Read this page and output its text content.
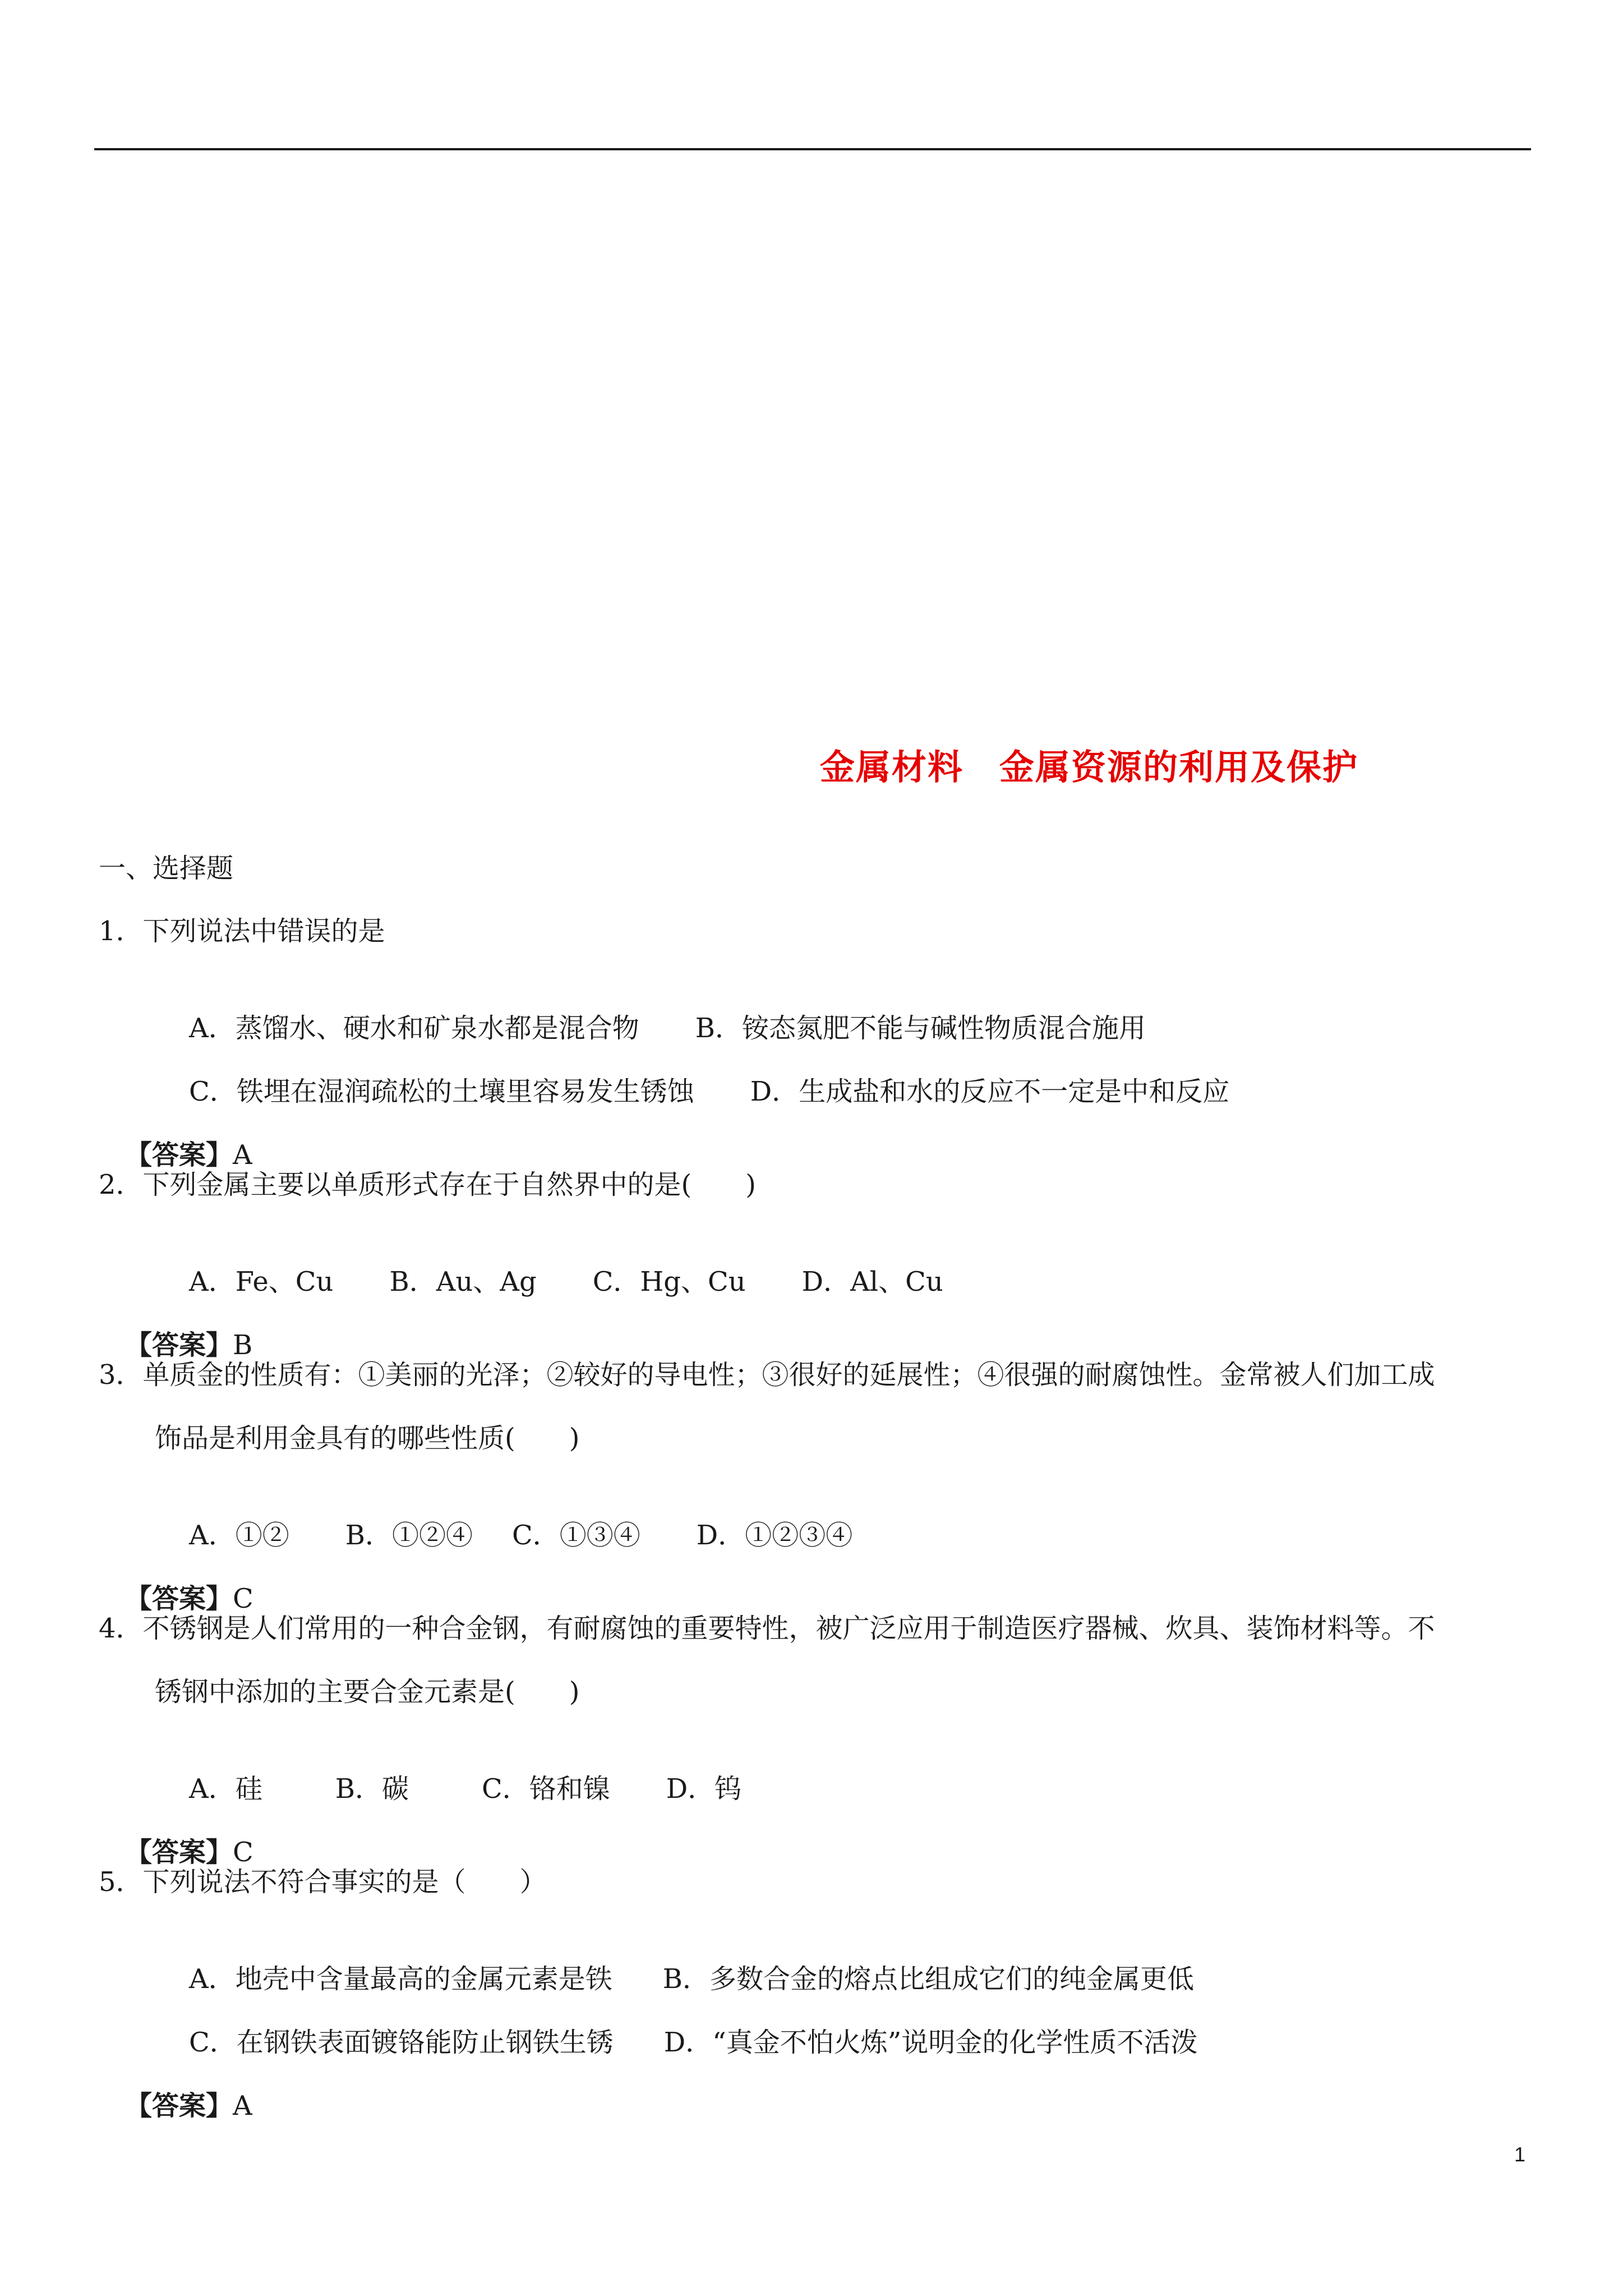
金属材料　金属资源的利用及保护
一、选择题
1．下列说法中错误的是

A．蒸馏水、硬水和矿泉水都是混合物 B．铵态氮肥不能与碱性物质混合施用

C．铁埋在湿润疏松的土壤里容易发生锈蚀 D．生成盐和水的反应不一定是中和反应

【答案】A

2．下列金属主要以单质形式存在于自然界中的是(　　)

A．Fe、Cu B．Au、Ag C．Hg、Cu D．Al、Cu

【答案】B

3．单质金的性质有：①美丽的光泽；②较好的导电性；③很好的延展性；④很强的耐腐蚀性。金常被人们加工成
饰品是利用金具有的哪些性质(　　)

A．①② B．①②④ C．①③④ D．①②③④

【答案】C

4．不锈钢是人们常用的一种合金钢，有耐腐蚀的重要特性，被广泛应用于制造医疗器械、炊具、装饰材料等。不
锈钢中添加的主要合金元素是(　　)

A．硅	B．碳	C．铬和镍 D．钨

【答案】C

5．下列说法不符合事实的是（　　）

A．地壳中含量最高的金属元素是铁 B．多数合金的熔点比组成它们的纯金属更低

C．在钢铁表面镀铬能防止钢铁生锈 D．“真金不怕火炼”说明金的化学性质不活泼

【答案】A

1
